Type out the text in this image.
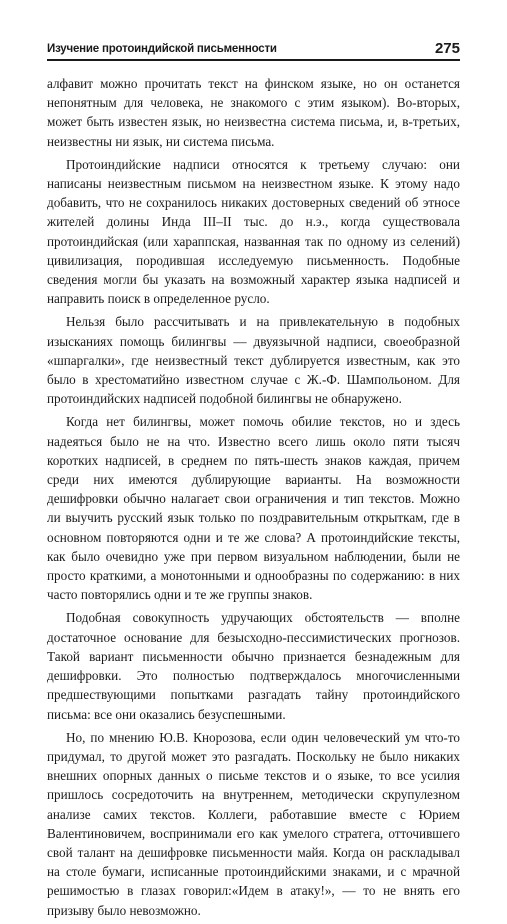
Изучение протоиндийской письменности	275

алфавит можно прочитать текст на финском языке, но он останется непонятным для человека, не знакомого с этим языком). Во-вторых, может быть известен язык, но неизвестна система письма, и, в-третьих, неизвестны ни язык, ни система письма.

Протоиндийские надписи относятся к третьему случаю: они написаны неизвестным письмом на неизвестном языке. К этому надо добавить, что не сохранилось никаких достоверных сведений об этносе жителей долины Инда III–II тыс. до н.э., когда существовала протоиндийская (или хараппская, названная так по одному из селений) цивилизация, породившая исследуемую письменность. Подобные сведения могли бы указать на возможный характер языка надписей и направить поиск в определенное русло.

Нельзя было рассчитывать и на привлекательную в подобных изысканиях помощь билингвы — двуязычной надписи, своеобразной «шпаргалки», где неизвестный текст дублируется известным, как это было в хрестоматийно известном случае с Ж.-Ф. Шампольоном. Для протоиндийских надписей подобной билингвы не обнаружено.

Когда нет билингвы, может помочь обилие текстов, но и здесь надеяться было не на что. Известно всего лишь около пяти тысяч коротких надписей, в среднем по пять-шесть знаков каждая, причем среди них имеются дублирующие варианты. На возможности дешифровки обычно налагает свои ограничения и тип текстов. Можно ли выучить русский язык только по поздравительным открыткам, где в основном повторяются одни и те же слова? А протоиндийские тексты, как было очевидно уже при первом визуальном наблюдении, были не просто краткими, а монотонными и однообразны по содержанию: в них часто повторялись одни и те же группы знаков.

Подобная совокупность удручающих обстоятельств — вполне достаточное основание для безысходно-пессимистических прогнозов. Такой вариант письменности обычно признается безнадежным для дешифровки. Это полностью подтверждалось многочисленными предшествующими попытками разгадать тайну протоиндийского письма: все они оказались безуспешными.

Но, по мнению Ю.В. Кнорозова, если один человеческий ум что-то придумал, то другой может это разгадать. Поскольку не было никаких внешних опорных данных о письме текстов и о языке, то все усилия пришлось сосредоточить на внутреннем, методически скрупулезном анализе самих текстов. Коллеги, работавшие вместе с Юрием Валентиновичем, воспринимали его как умелого стратега, отточившего свой талант на дешифровке письменности майя. Когда он раскладывал на столе бумаги, исписанные протоиндийскими знаками, и с мрачной решимостью в глазах говорил:«Идем в атаку!», — то не внять его призыву было невозможно.
